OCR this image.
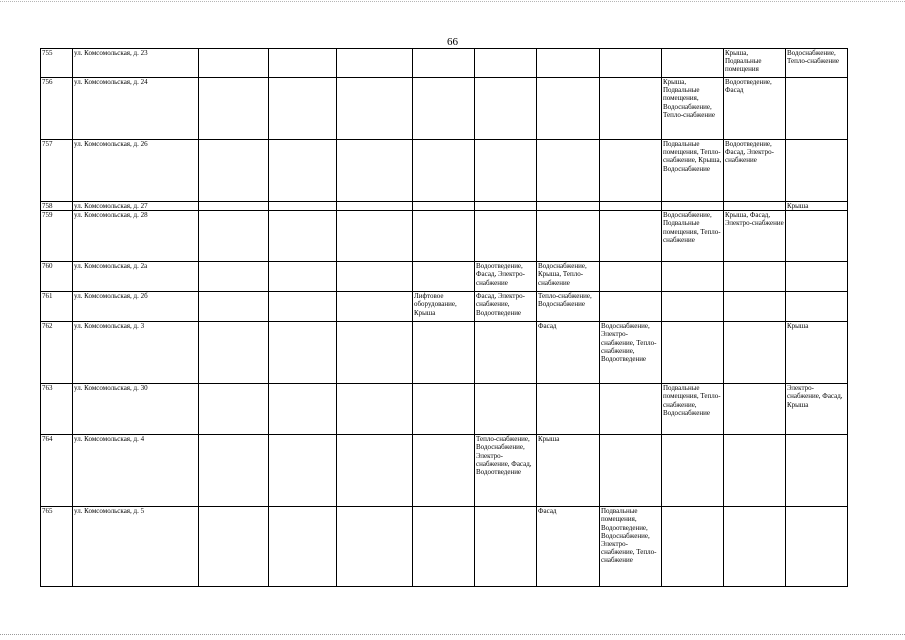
66
755	ул. Комсомольская, д. 23									Крыша, Подвальные помещения	Водоснабжение, Тепло-снабжение
756	ул. Комсомольская, д. 24								Крыша, Подвальные помещения, Водоснабжение, Тепло-снабжение	Водоотведение, Фасад	
757	ул. Комсомольская, д. 26								Подвальные помещения, Тепло-снабжение, Крыша, Водоснабжение	Водоотведение, Фасад, Электро-снабжение	
758	ул. Комсомольская, д. 27										Крыша
759	ул. Комсомольская, д. 28								Водоснабжение, Подвальные помещения, Тепло-снабжение	Крыша, Фасад, Электро-снабжение	
760	ул. Комсомольская, д. 2а					Водоотведение, Фасад, Электро-снабжение	Водоснабжение, Крыша, Тепло-снабжение				
761	ул. Комсомольская, д. 2б				Лифтовое оборудование, Крыша	Фасад, Электро-снабжение, Водоотведение	Тепло-снабжение, Водоснабжение				
762	ул. Комсомольская, д. 3						Фасад	Водоснабжение, Электро-снабжение, Тепло-снабжение, Водоотведение			Крыша
763	ул. Комсомольская, д. 30								Подвальные помещения, Тепло-снабжение, Водоснабжение		Электро-снабжение, Фасад, Крыша
764	ул. Комсомольская, д. 4					Тепло-снабжение, Водоснабжение, Электро-снабжение, Фасад, Водоотведение	Крыша				
765	ул. Комсомольская, д. 5						Фасад	Подвальные помещения, Водоотведение, Водоснабжение, Электро-снабжение, Тепло-снабжение			
